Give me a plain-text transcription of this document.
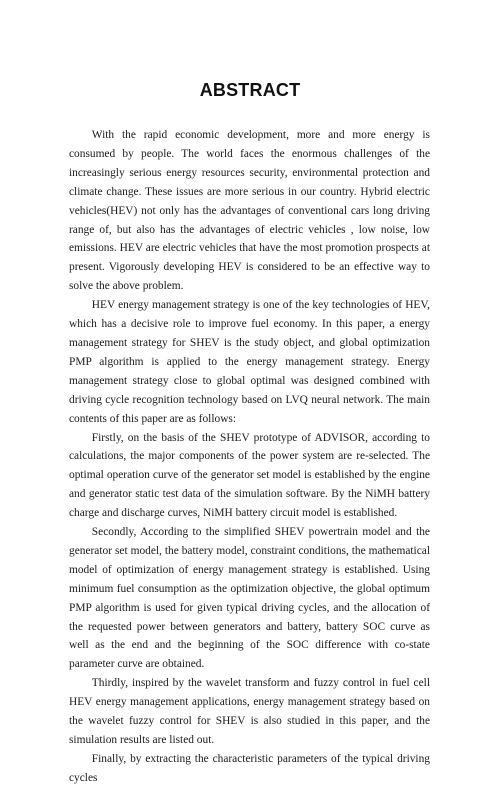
ABSTRACT

With the rapid economic development, more and more energy is consumed by people. The world faces the enormous challenges of the increasingly serious energy resources security, environmental protection and climate change. These issues are more serious in our country. Hybrid electric vehicles(HEV) not only has the advantages of conventional cars long driving range of, but also has the advantages of electric vehicles , low noise, low emissions. HEV are electric vehicles that have the most promotion prospects at present. Vigorously developing HEV is considered to be an effective way to solve the above problem.

HEV energy management strategy is one of the key technologies of HEV, which has a decisive role to improve fuel economy. In this paper, a energy management strategy for SHEV is the study object, and global optimization PMP algorithm is applied to the energy management strategy. Energy management strategy close to global optimal was designed combined with driving cycle recognition technology based on LVQ neural network. The main contents of this paper are as follows:

Firstly, on the basis of the SHEV prototype of ADVISOR, according to calculations, the major components of the power system are re-selected. The optimal operation curve of the generator set model is established by the engine and generator static test data of the simulation software. By the NiMH battery charge and discharge curves, NiMH battery circuit model is established.

Secondly, According to the simplified SHEV powertrain model and the generator set model, the battery model, constraint conditions, the mathematical model of optimization of energy management strategy is established. Using minimum fuel consumption as the optimization objective, the global optimum PMP algorithm is used for given typical driving cycles, and the allocation of the requested power between generators and battery, battery SOC curve as well as the end and the beginning of the SOC difference with co-state parameter curve are obtained.

Thirdly, inspired by the wavelet transform and fuzzy control in fuel cell HEV energy management applications, energy management strategy based on the wavelet fuzzy control for SHEV is also studied in this paper, and the simulation results are listed out.

Finally, by extracting the characteristic parameters of the typical driving cycles
